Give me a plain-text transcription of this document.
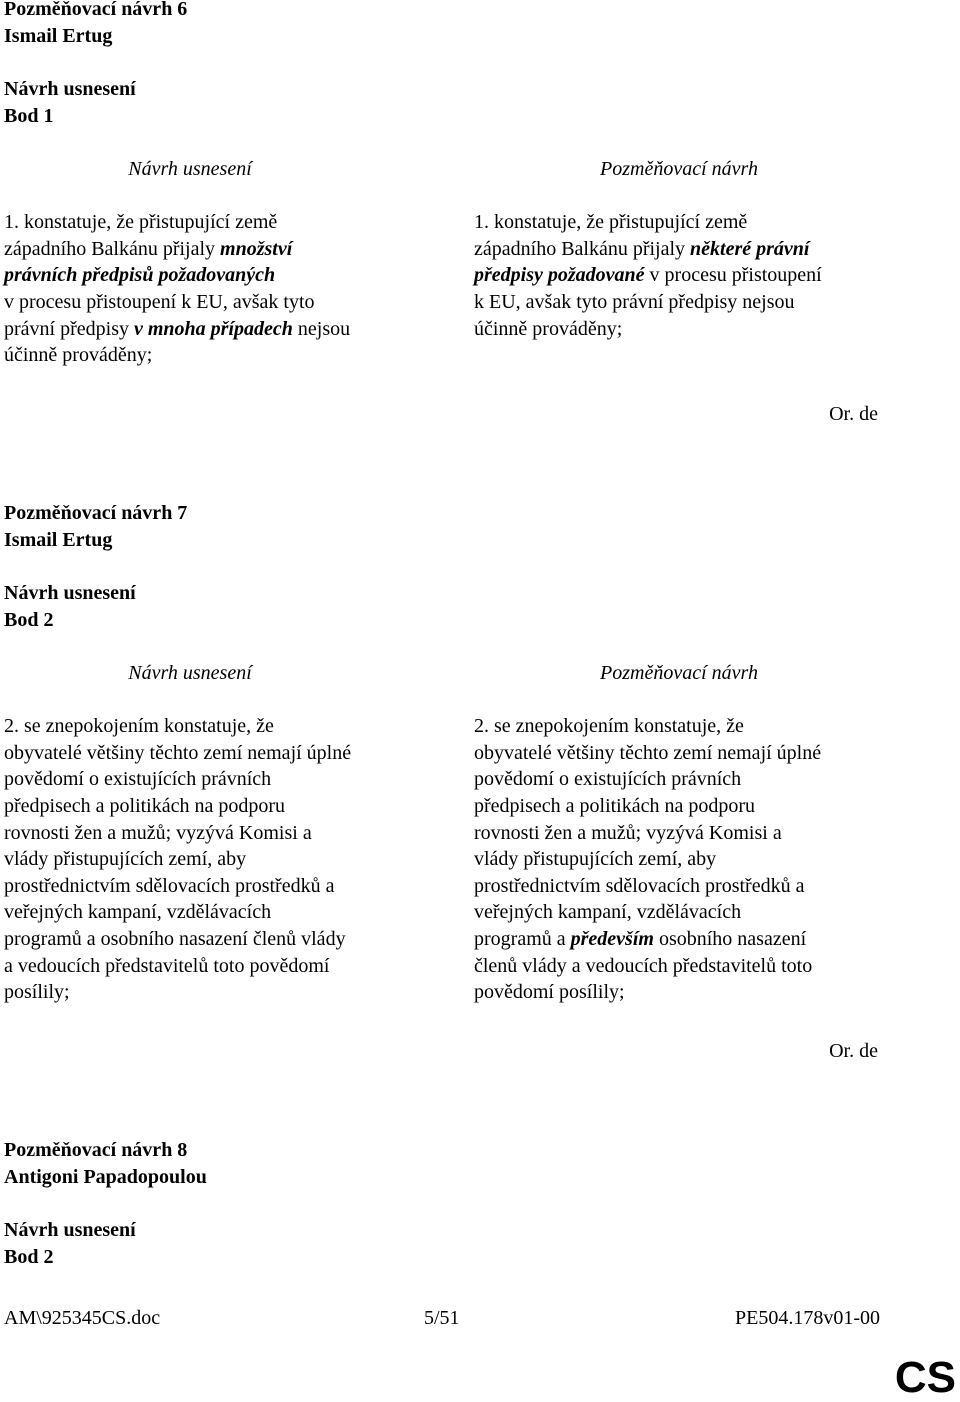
Pozměňovací návrh 6
Ismail Ertug
Návrh usnesení
Bod 1
Návrh usnesení
1. konstatuje, že přistupující země
západního Balkánu přijaly množství
právních předpisů požadovaných
v procesu přistoupení k EU, avšak tyto
právní předpisy v mnoha případech nejsou
účinně prováděny;
Pozměňovací návrh
1. konstatuje, že přistupující země
západního Balkánu přijaly některé právní
předpisy požadované v procesu přistoupení
k EU, avšak tyto právní předpisy nejsou
účinně prováděny;
Or. de
Pozměňovací návrh 7
Ismail Ertug
Návrh usnesení
Bod 2
Návrh usnesení
2. se znepokojením konstatuje, že
obyvatelé většiny těchto zemí nemají úplné
povědomí o existujících právních
předpisech a politikách na podporu
rovnosti žen a mužů; vyzývá Komisi a
vlády přistupujících zemí, aby
prostřednictvím sdělovacích prostředků a
veřejných kampaní, vzdělávacích
programů a osobního nasazení členů vlády
a vedoucích představitelů toto povědomí
posílily;
Pozměňovací návrh
2. se znepokojením konstatuje, že
obyvatelé většiny těchto zemí nemají úplné
povědomí o existujících právních
předpisech a politikách na podporu
rovnosti žen a mužů; vyzývá Komisi a
vlády přistupujících zemí, aby
prostřednictvím sdělovacích prostředků a
veřejných kampaní, vzdělávacích
programů a především osobního nasazení
členů vlády a vedoucích představitelů toto
povědomí posílily;
Or. de
Pozměňovací návrh 8
Antigoni Papadopoulou
Návrh usnesení
Bod 2
AM\925345CS.doc	5/51	PE504.178v01-00
CS
